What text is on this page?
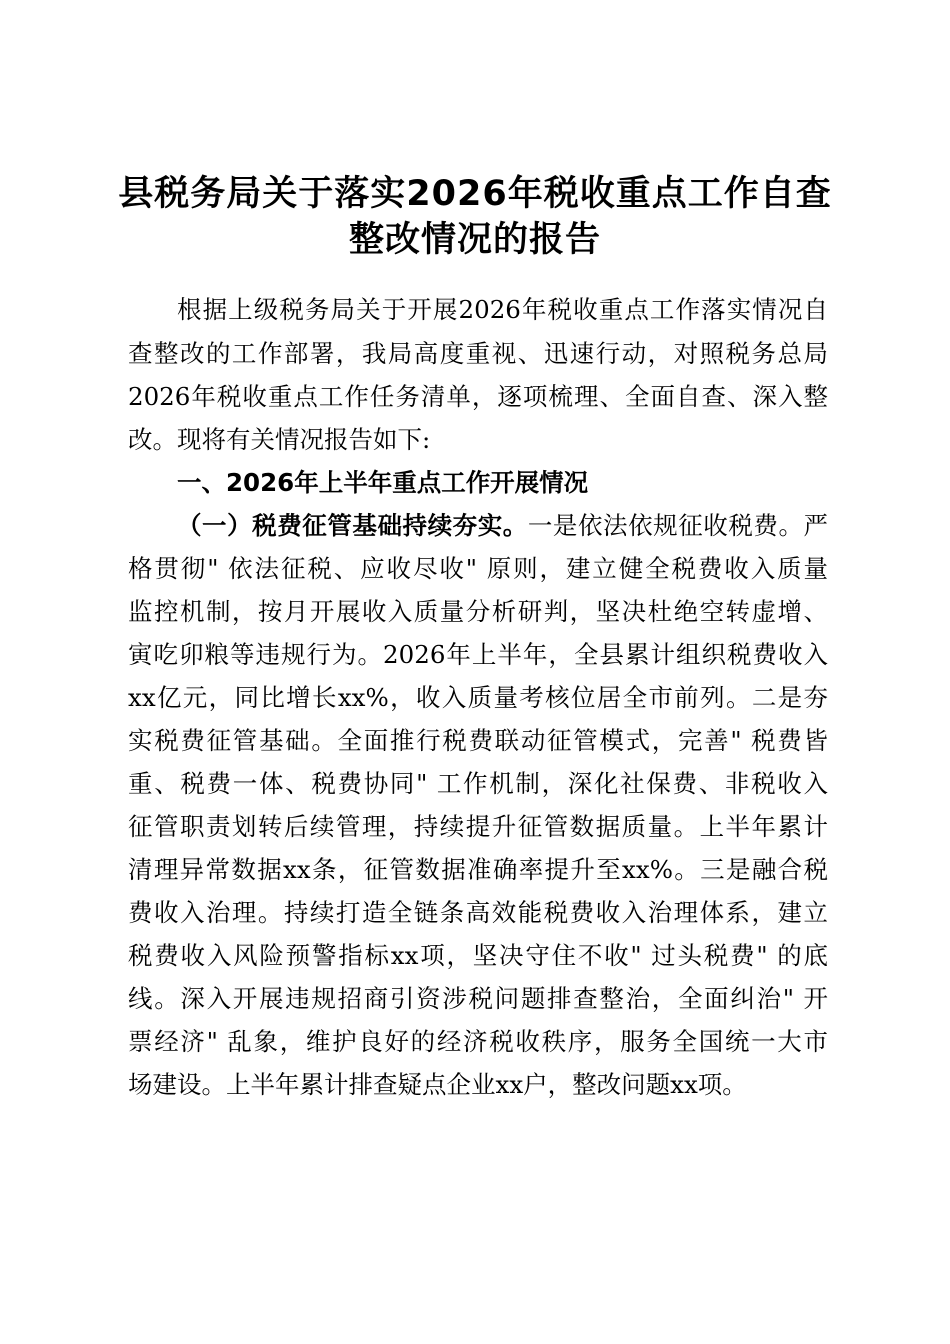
县税务局关于落实2026年税收重点工作自查
整改情况的报告
根据上级税务局关于开展2026年税收重点工作落实情况自
查整改的工作部署，我局高度重视、迅速行动，对照税务总局
2026年税收重点工作任务清单，逐项梳理、全面自查、深入整
改。现将有关情况报告如下:
一、2026年上半年重点工作开展情况
（一）税费征管基础持续夯实。一是依法依规征收税费。严
格贯彻" 依法征税、应收尽收" 原则，建立健全税费收入质量
监控机制，按月开展收入质量分析研判，坚决杜绝空转虚增、
寅吃卯粮等违规行为。2026年上半年，全县累计组织税费收入
xx亿元，同比增长xx%，收入质量考核位居全市前列。二是夯
实税费征管基础。全面推行税费联动征管模式，完善" 税费皆
重、税费一体、税费协同" 工作机制，深化社保费、非税收入
征管职责划转后续管理，持续提升征管数据质量。上半年累计
清理异常数据xx条，征管数据准确率提升至xx%。三是融合税
费收入治理。持续打造全链条高效能税费收入治理体系，建立
税费收入风险预警指标xx项，坚决守住不收" 过头税费" 的底
线。深入开展违规招商引资涉税问题排查整治，全面纠治" 开
票经济" 乱象，维护良好的经济税收秩序，服务全国统一大市
场建设。上半年累计排查疑点企业xx户，整改问题xx项。
